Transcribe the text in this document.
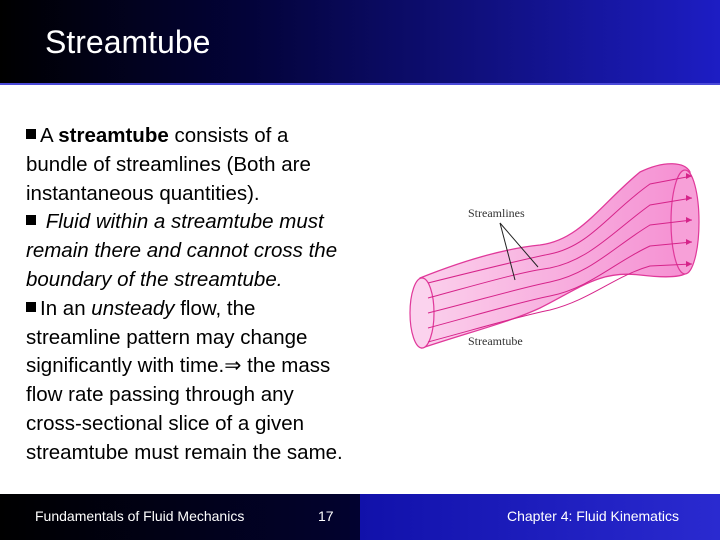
Streamtube
A streamtube consists of a
bundle of streamlines (Both are
instantaneous quantities).
Fluid within a streamtube must
remain there and cannot cross the
boundary of the streamtube.
In an unsteady flow, the
streamline pattern may change
significantly with time.⇒ the mass
flow rate passing through any
cross-sectional slice of a given
streamtube must remain the same.
Streamlines
Streamtube
Fundamentals of Fluid Mechanics	17	Chapter 4: Fluid Kinematics
